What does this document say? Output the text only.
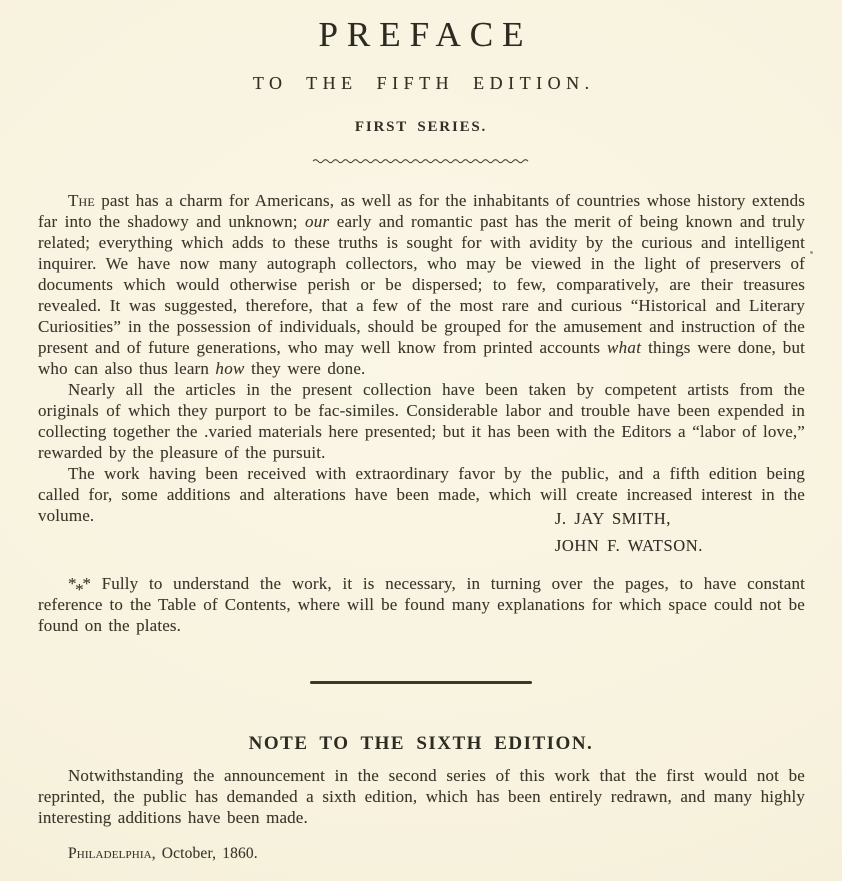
PREFACE
TO THE FIFTH EDITION.
FIRST SERIES.

The past has a charm for Americans, as well as for the inhabitants of countries whose history extends far into the shadowy and unknown; our early and romantic past has the merit of being known and truly related; everything which adds to these truths is sought for with avidity by the curious and intelligent inquirer. We have now many autograph collectors, who may be viewed in the light of preservers of documents which would otherwise perish or be dispersed; to few, comparatively, are their treasures revealed. It was suggested, therefore, that a few of the most rare and curious “Historical and Literary Curiosities” in the possession of individuals, should be grouped for the amusement and instruction of the present and of future generations, who may well know from printed accounts what things were done, but who can also thus learn how they were done.

Nearly all the articles in the present collection have been taken by competent artists from the originals of which they purport to be fac-similes. Considerable labor and trouble have been expended in collecting together the .varied materials here presented; but it has been with the Editors a “labor of love,” rewarded by the pleasure of the pursuit.

The work having been received with extraordinary favor by the public, and a fifth edition being called for, some additions and alterations have been made, which will create increased interest in the volume.	J. JAY SMITH,
JOHN F. WATSON.

*** Fully to understand the work, it is necessary, in turning over the pages, to have constant reference to the Table of Contents, where will be found many explanations for which space could not be found on the plates.

NOTE TO THE SIXTH EDITION.

Notwithstanding the announcement in the second series of this work that the first would not be reprinted, the public has demanded a sixth edition, which has been entirely redrawn, and many highly interesting additions have been made.

Philadelphia, October, 1860.
